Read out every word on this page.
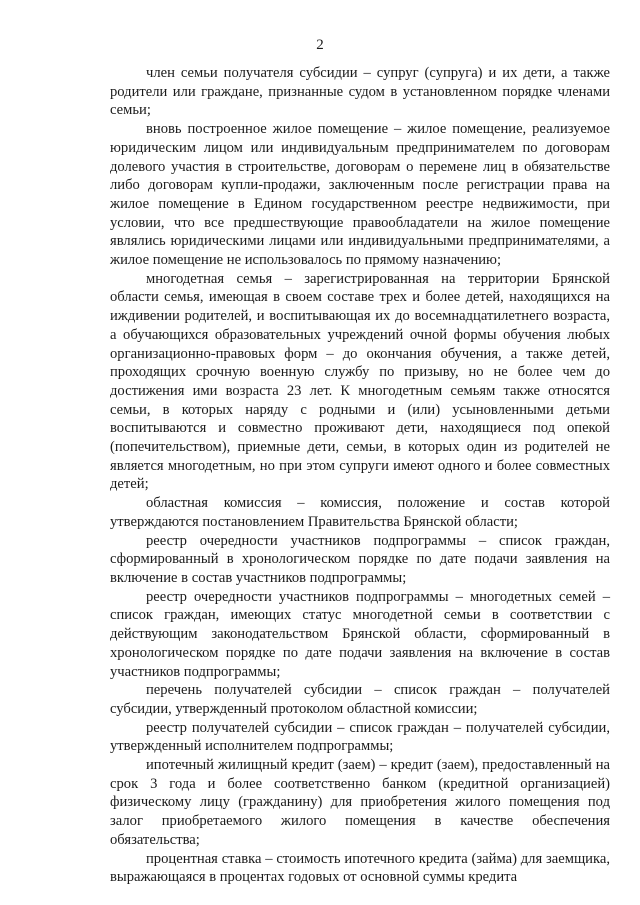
2

член семьи получателя субсидии – супруг (супруга) и их дети, а также родители или граждане, признанные судом в установленном порядке членами семьи;

вновь построенное жилое помещение – жилое помещение, реализуемое юридическим лицом или индивидуальным предпринимателем по договорам долевого участия в строительстве, договорам о перемене лиц в обязательстве либо договорам купли-продажи, заключенным после регистрации права на жилое помещение в Едином государственном реестре недвижимости, при условии, что все предшествующие правообладатели на жилое помещение являлись юридическими лицами или индивидуальными предпринимателями, а жилое помещение не использовалось по прямому назначению;

многодетная семья – зарегистрированная на территории Брянской области семья, имеющая в своем составе трех и более детей, находящихся на иждивении родителей, и воспитывающая их до восемнадцатилетнего возраста, а обучающихся образовательных учреждений очной формы обучения любых организационно-правовых форм – до окончания обучения, а также детей, проходящих срочную военную службу по призыву, но не более чем до достижения ими возраста 23 лет. К многодетным семьям также относятся семьи, в которых наряду с родными и (или) усыновленными детьми воспитываются и совместно проживают дети, находящиеся под опекой (попечительством), приемные дети, семьи, в которых один из родителей не является многодетным, но при этом супруги имеют одного и более совместных детей;

областная комиссия – комиссия, положение и состав которой утверждаются постановлением Правительства Брянской области;

реестр очередности участников подпрограммы – список граждан, сформированный в хронологическом порядке по дате подачи заявления на включение в состав участников подпрограммы;

реестр очередности участников подпрограммы – многодетных семей – список граждан, имеющих статус многодетной семьи в соответствии с действующим законодательством Брянской области, сформированный в хронологическом порядке по дате подачи заявления на включение в состав участников подпрограммы;

перечень получателей субсидии – список граждан – получателей субсидии, утвержденный протоколом областной комиссии;

реестр получателей субсидии – список граждан – получателей субсидии, утвержденный исполнителем подпрограммы;

ипотечный жилищный кредит (заем) – кредит (заем), предоставленный на срок 3 года и более соответственно банком (кредитной организацией) физическому лицу (гражданину) для приобретения жилого помещения под залог приобретаемого жилого помещения в качестве обеспечения обязательства;

процентная ставка – стоимость ипотечного кредита (займа) для заемщика, выражающаяся в процентах годовых от основной суммы кредита
